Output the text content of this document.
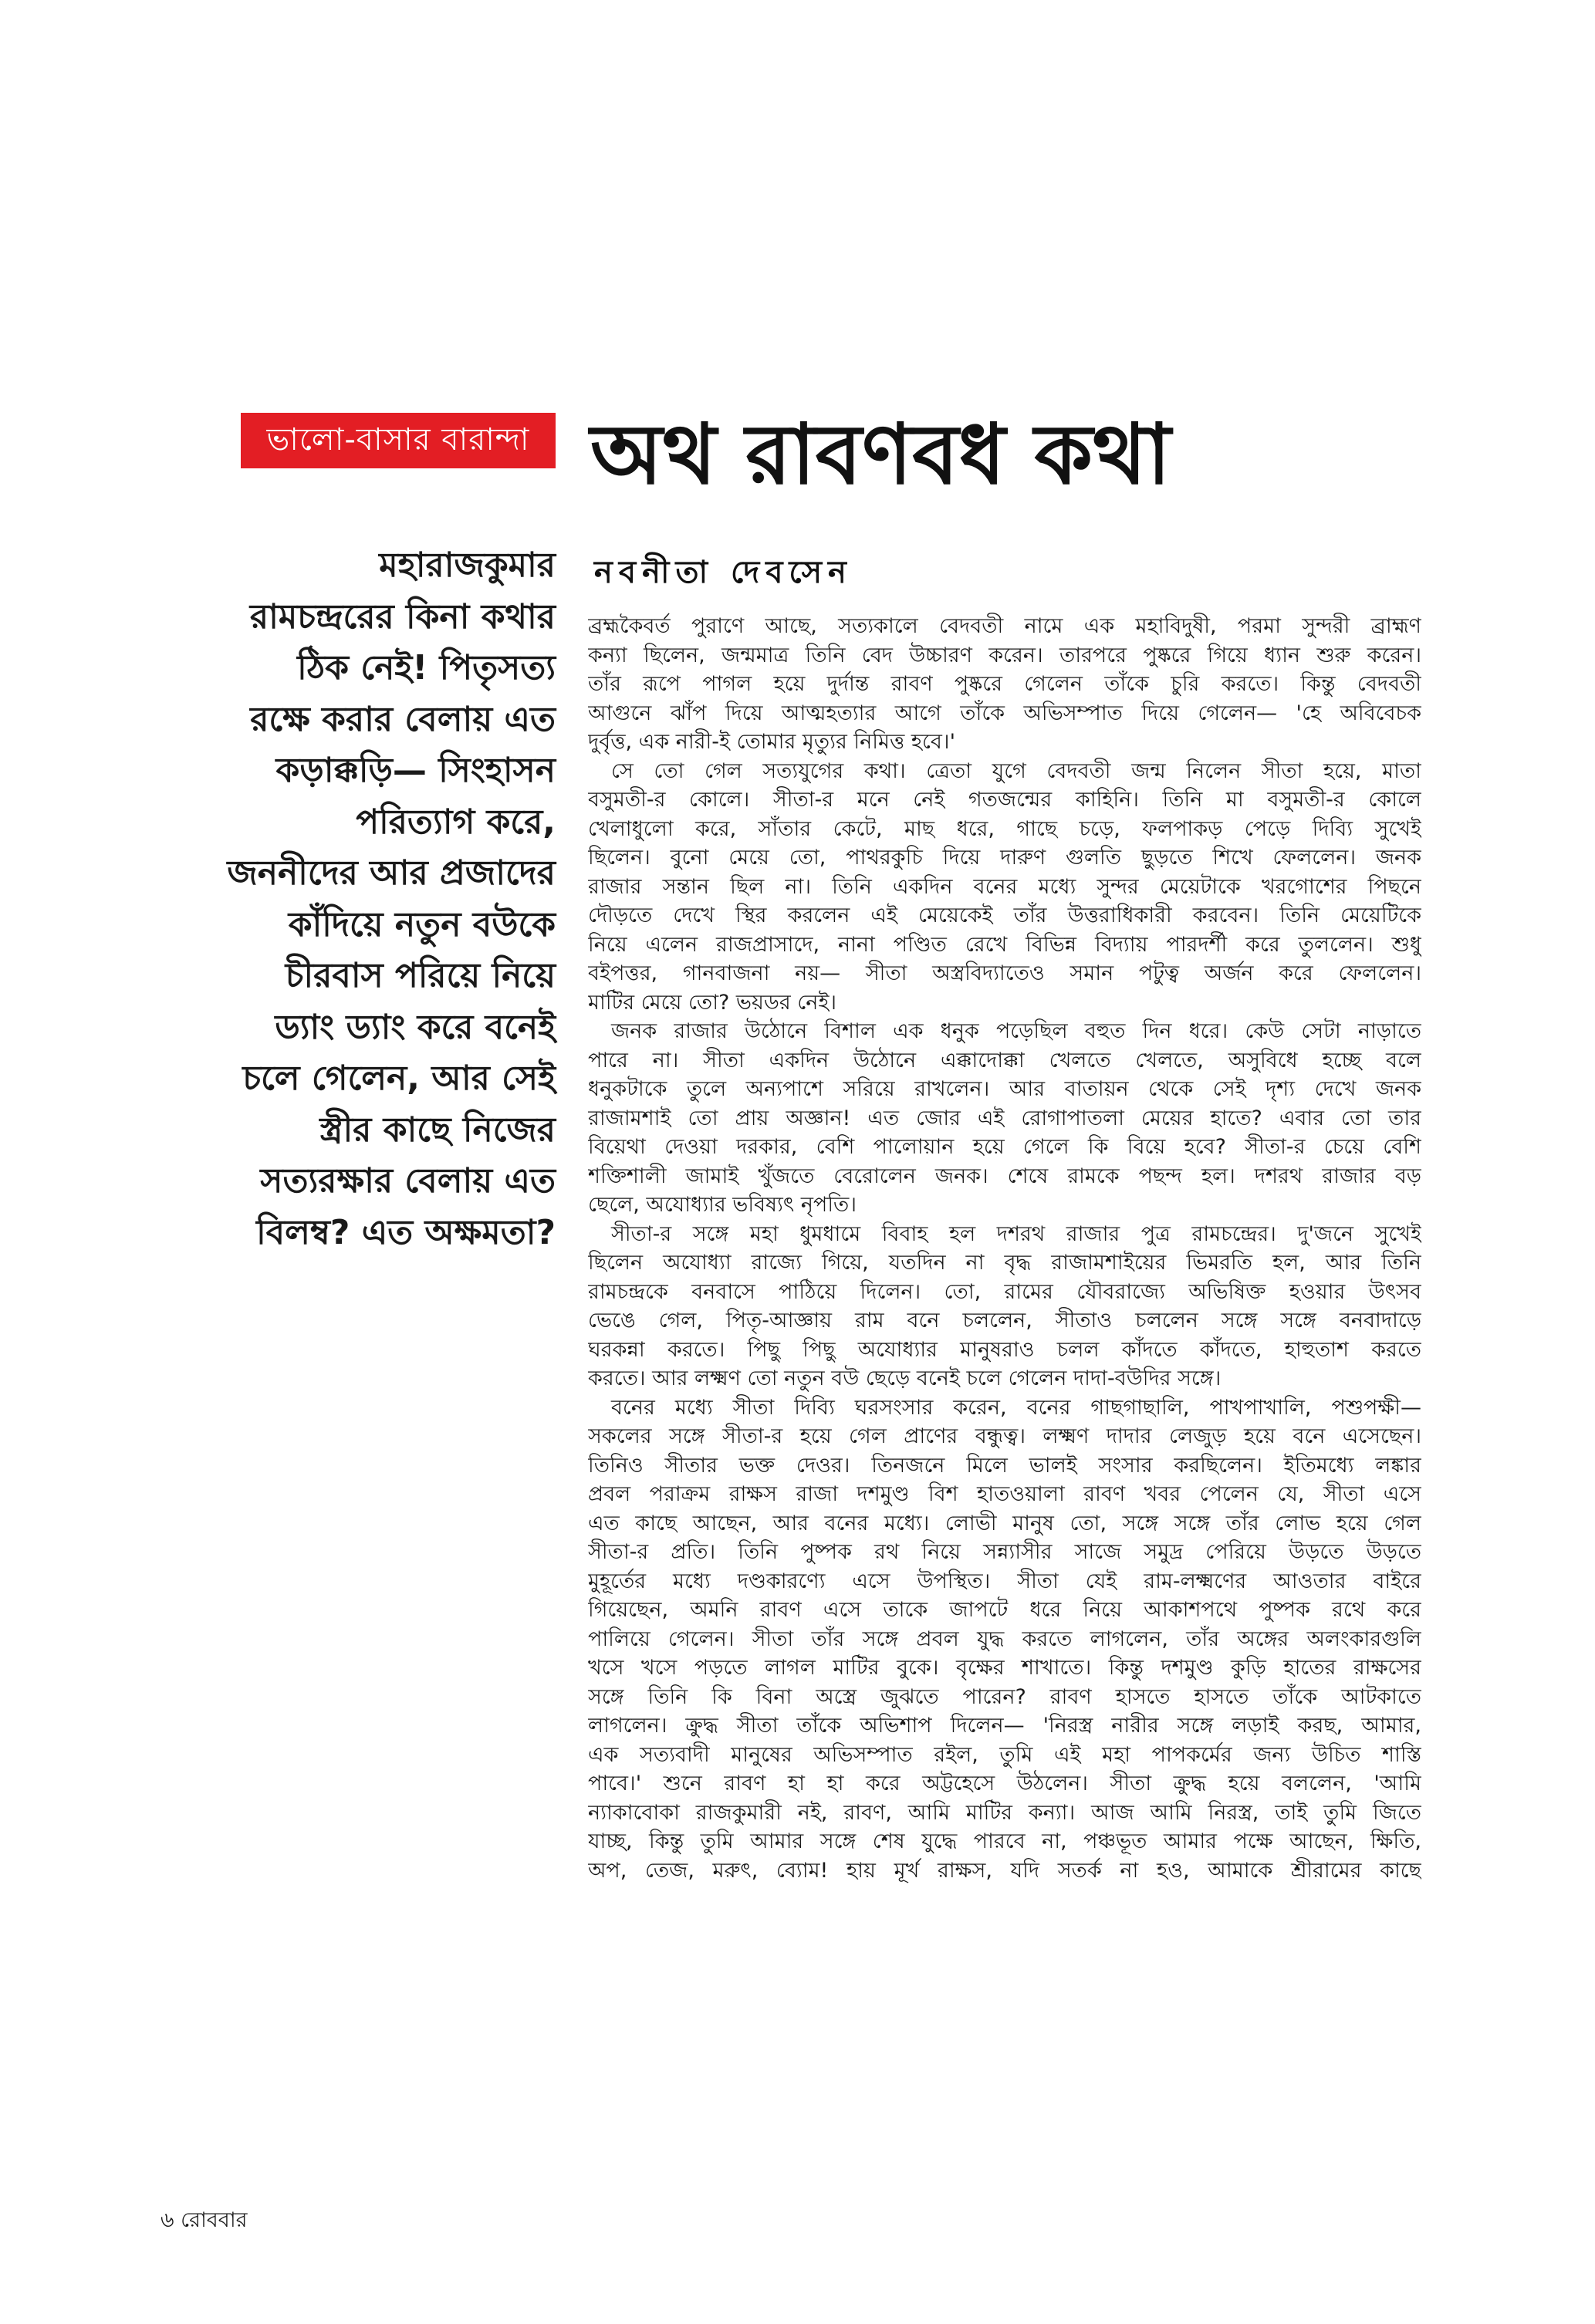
ভালো-বাসার বারান্দা অথ রাবণবধ কথা
নবনীতা দেবসেন
মহারাজকুমার
রামচন্দ্ররের কিনা কথার
ঠিক নেই! পিতৃসত্য
রক্ষে করার বেলায় এত
কড়াক্কড়ি— সিংহাসন
পরিত্যাগ করে,
জননীদের আর প্রজাদের
কাঁদিয়ে নতুন বউকে
চীরবাস পরিয়ে নিয়ে
ড্যাং ড্যাং করে বনেই
চলে গেলেন, আর সেই
স্ত্রীর কাছে নিজের
সত্যরক্ষার বেলায় এত
বিলম্ব? এত অক্ষমতা?
ব্রহ্মকৈবর্ত পুরাণে আছে, সত্যকালে বেদবতী নামে এক মহাবিদুষী, পরমা সুন্দরী ব্রাহ্মণ
কন্যা ছিলেন, জন্মমাত্র তিনি বেদ উচ্চারণ করেন। তারপরে পুষ্করে গিয়ে ধ্যান শুরু করেন।
তাঁর রূপে পাগল হয়ে দুর্দান্ত রাবণ পুষ্করে গেলেন তাঁকে চুরি করতে। কিন্তু বেদবতী
আগুনে ঝাঁপ দিয়ে আত্মহত্যার আগে তাঁকে অভিসম্পাত দিয়ে গেলেন— 'হে অবিবেচক
দুর্বৃত্ত, এক নারী-ই তোমার মৃত্যুর নিমিত্ত হবে।'
সে তো গেল সত্যযুগের কথা। ত্রেতা যুগে বেদবতী জন্ম নিলেন সীতা হয়ে, মাতা
বসুমতী-র কোলে। সীতা-র মনে নেই গতজন্মের কাহিনি। তিনি মা বসুমতী-র কোলে
খেলাধুলো করে, সাঁতার কেটে, মাছ ধরে, গাছে চড়ে, ফলপাকড় পেড়ে দিব্যি সুখেই
ছিলেন। বুনো মেয়ে তো, পাথরকুচি দিয়ে দারুণ গুলতি ছুড়তে শিখে ফেললেন। জনক
রাজার সন্তান ছিল না। তিনি একদিন বনের মধ্যে সুন্দর মেয়েটাকে খরগোশের পিছনে
দৌড়তে দেখে স্থির করলেন এই মেয়েকেই তাঁর উত্তরাধিকারী করবেন। তিনি মেয়েটিকে
নিয়ে এলেন রাজপ্রাসাদে, নানা পণ্ডিত রেখে বিভিন্ন বিদ্যায় পারদর্শী করে তুললেন। শুধু
বইপত্তর, গানবাজনা নয়— সীতা অস্ত্রবিদ্যাতেও সমান পটুত্ব অর্জন করে ফেললেন।
মাটির মেয়ে তো? ভয়ডর নেই।
জনক রাজার উঠোনে বিশাল এক ধনুক পড়েছিল বহুত দিন ধরে। কেউ সেটা নাড়াতে
পারে না। সীতা একদিন উঠোনে এক্কাদোক্কা খেলতে খেলতে, অসুবিধে হচ্ছে বলে
ধনুকটাকে তুলে অন্যপাশে সরিয়ে রাখলেন। আর বাতায়ন থেকে সেই দৃশ্য দেখে জনক
রাজামশাই তো প্রায় অজ্ঞান! এত জোর এই রোগাপাতলা মেয়ের হাতে? এবার তো তার
বিয়েথা দেওয়া দরকার, বেশি পালোয়ান হয়ে গেলে কি বিয়ে হবে? সীতা-র চেয়ে বেশি
শক্তিশালী জামাই খুঁজতে বেরোলেন জনক। শেষে রামকে পছন্দ হল। দশরথ রাজার বড়
ছেলে, অযোধ্যার ভবিষ্যৎ নৃপতি।
সীতা-র সঙ্গে মহা ধুমধামে বিবাহ হল দশরথ রাজার পুত্র রামচন্দ্রের। দু'জনে সুখেই
ছিলেন অযোধ্যা রাজ্যে গিয়ে, যতদিন না বৃদ্ধ রাজামশাইয়ের ভিমরতি হল, আর তিনি
রামচন্দ্রকে বনবাসে পাঠিয়ে দিলেন। তো, রামের যৌবরাজ্যে অভিষিক্ত হওয়ার উৎসব
ভেঙে গেল, পিতৃ-আজ্ঞায় রাম বনে চললেন, সীতাও চললেন সঙ্গে সঙ্গে বনবাদাড়ে
ঘরকন্না করতে। পিছু পিছু অযোধ্যার মানুষরাও চলল কাঁদতে কাঁদতে, হাহুতাশ করতে
করতে। আর লক্ষ্মণ তো নতুন বউ ছেড়ে বনেই চলে গেলেন দাদা-বউদির সঙ্গে।
বনের মধ্যে সীতা দিব্যি ঘরসংসার করেন, বনের গাছগাছালি, পাখপাখালি, পশুপক্ষী—
সকলের সঙ্গে সীতা-র হয়ে গেল প্রাণের বন্ধুত্ব। লক্ষ্মণ দাদার লেজুড় হয়ে বনে এসেছেন।
তিনিও সীতার ভক্ত দেওর। তিনজনে মিলে ভালই সংসার করছিলেন। ইতিমধ্যে লঙ্কার
প্রবল পরাক্রম রাক্ষস রাজা দশমুণ্ড বিশ হাতওয়ালা রাবণ খবর পেলেন যে, সীতা এসে
এত কাছে আছেন, আর বনের মধ্যে। লোভী মানুষ তো, সঙ্গে সঙ্গে তাঁর লোভ হয়ে গেল
সীতা-র প্রতি। তিনি পুষ্পক রথ নিয়ে সন্ন্যাসীর সাজে সমুদ্র পেরিয়ে উড়তে উড়তে
মুহূর্তের মধ্যে দণ্ডকারণ্যে এসে উপস্থিত। সীতা যেই রাম-লক্ষ্মণের আওতার বাইরে
গিয়েছেন, অমনি রাবণ এসে তাকে জাপটে ধরে নিয়ে আকাশপথে পুষ্পক রথে করে
পালিয়ে গেলেন। সীতা তাঁর সঙ্গে প্রবল যুদ্ধ করতে লাগলেন, তাঁর অঙ্গের অলংকারগুলি
খসে খসে পড়তে লাগল মাটির বুকে। বৃক্ষের শাখাতে। কিন্তু দশমুণ্ড কুড়ি হাতের রাক্ষসের
সঙ্গে তিনি কি বিনা অস্ত্রে জুঝতে পারেন? রাবণ হাসতে হাসতে তাঁকে আটকাতে
লাগলেন। ক্রুদ্ধ সীতা তাঁকে অভিশাপ দিলেন— 'নিরস্ত্র নারীর সঙ্গে লড়াই করছ, আমার,
এক সত্যবাদী মানুষের অভিসম্পাত রইল, তুমি এই মহা পাপকর্মের জন্য উচিত শাস্তি
পাবে।' শুনে রাবণ হা হা করে অট্টহেসে উঠলেন। সীতা ক্রুদ্ধ হয়ে বললেন, 'আমি
ন্যাকাবোকা রাজকুমারী নই, রাবণ, আমি মাটির কন্যা। আজ আমি নিরস্ত্র, তাই তুমি জিতে
যাচ্ছ, কিন্তু তুমি আমার সঙ্গে শেষ যুদ্ধে পারবে না, পঞ্চভূত আমার পক্ষে আছেন, ক্ষিতি,
অপ, তেজ, মরুৎ, ব্যোম! হায় মূর্খ রাক্ষস, যদি সতর্ক না হও, আমাকে শ্রীরামের কাছে
৬ রোববার
